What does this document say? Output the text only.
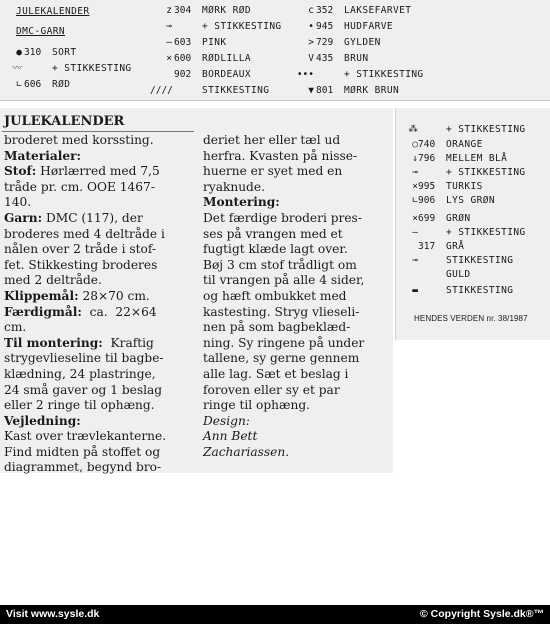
JULEKALENDER
DMC-GARN
● 310 SORT
〰	+ STIKKESTING
∟ 606 RØD
z 304 MØRK RØD
⊸	+ STIKKESTING
— 603 PINK
× 600 RØDLILLA
902 BORDEAUX
////	STIKKESTING
c 352 LAKSEFARVET
• 945 HUDFARVE
> 729 GYLDEN
V 435 BRUN
•••	+ STIKKESTING
▼ 801 MØRK BRUN
⁂	+ STIKKESTING
○ 740 ORANGE
↓ 796 MELLEM BLÅ
⊸	+ STIKKESTING
× 995 TURKIS
∟ 906 LYS GRØN
× 699 GRØN
—	+ STIKKESTING
317 GRÅ
⊸	STIKKESTING
GULD
▬	STIKKESTING
HENDES VERDEN nr. 38/1987
JULEKALENDER
broderet med korssting.
Materialer:
Stof: Hørlærred med 7,5
tråde pr. cm. OOE 1467-
140.
Garn: DMC (117), der
broderes med 4 deltråde i
nålen over 2 tråde i stof-
fet. Stikkesting broderes
med 2 deltråde.
Klippemål: 28×70 cm.
Færdigmål:  ca.  22×64
cm.
Til montering:  Kraftig
strygevlieseline til bagbe-
klædning, 24 plastringe,
24 små gaver og 1 beslag
eller 2 ringe til ophæng.
Vejledning:
Kast over trævlekanterne.
Find midten på stoffet og
diagrammet, begynd bro-
deriet her eller tæl ud
herfra. Kvasten på nisse-
huerne er syet med en
ryaknude.
Montering:
Det færdige broderi pres-
ses på vrangen med et
fugtigt klæde lagt over.
Bøj 3 cm stof trådligt om
til vrangen på alle 4 sider,
og hæft ombukket med
kastesting. Stryg vlieseli-
nen på som bagbeklæd-
ning. Sy ringene på under
tallene, sy gerne gennem
alle lag. Sæt et beslag i
foroven eller sy et par
ringe til ophæng.
Design:
Ann Bett
Zachariassen.
Visit www.sysle.dk	© Copyright Sysle.dk®™
